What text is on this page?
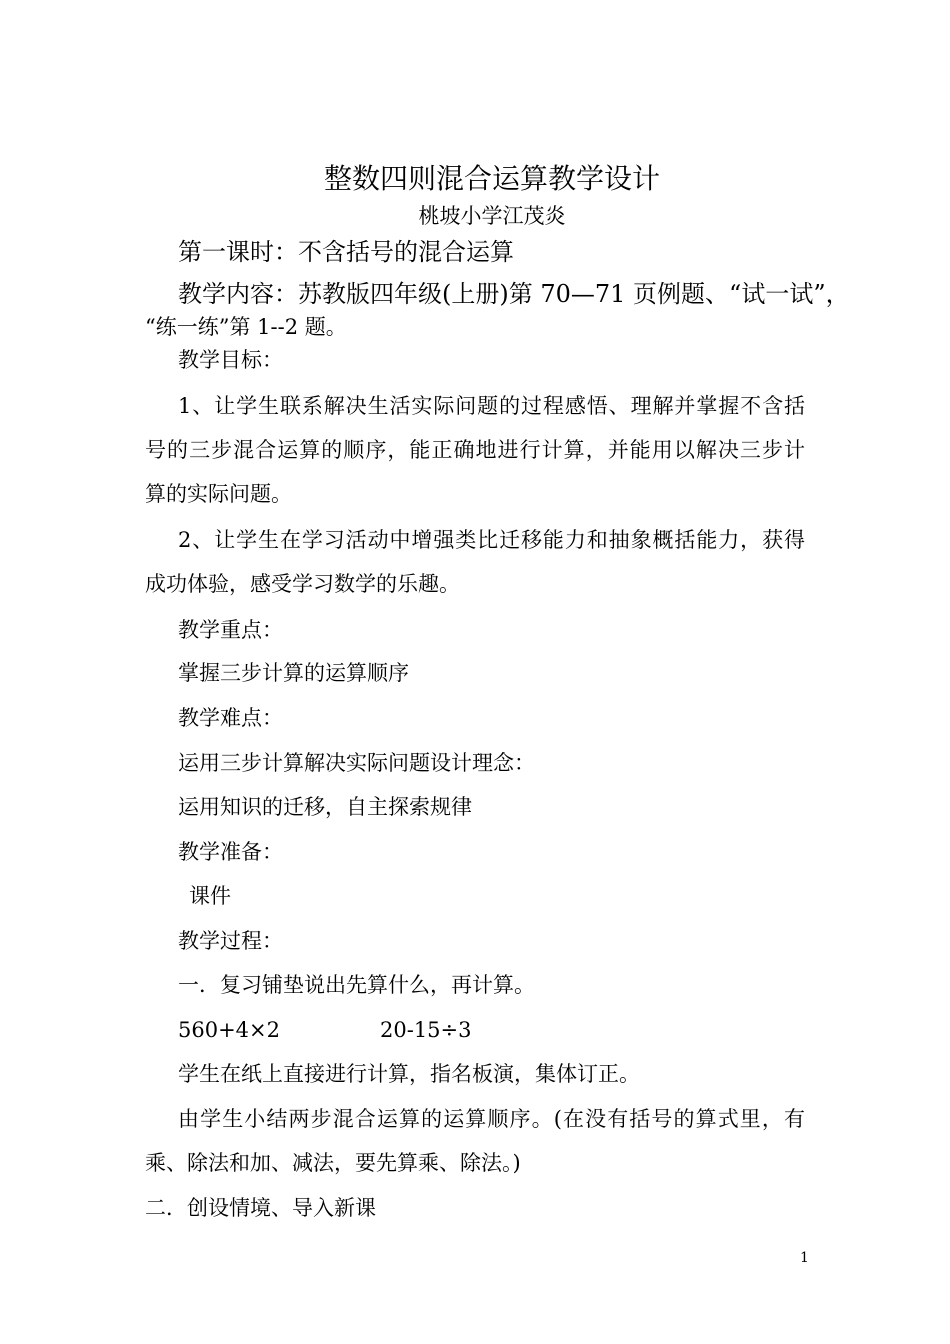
整数四则混合运算教学设计
桃坡小学江茂炎
第一课时：不含括号的混合运算
教学内容：苏教版四年级(上册)第 70—71 页例题、“试一试”，
“练一练”第 1--2 题。
教学目标：
1、让学生联系解决生活实际问题的过程感悟、理解并掌握不含括
号的三步混合运算的顺序，能正确地进行计算，并能用以解决三步计
算的实际问题。
2、让学生在学习活动中增强类比迁移能力和抽象概括能力，获得
成功体验，感受学习数学的乐趣。
教学重点：
掌握三步计算的运算顺序
教学难点：
运用三步计算解决实际问题设计理念：
运用知识的迁移，自主探索规律
教学准备：
课件
教学过程：
一．复习铺垫说出先算什么，再计算。
560+4×2	20-15÷3
学生在纸上直接进行计算，指名板演，集体订正。
由学生小结两步混合运算的运算顺序。(在没有括号的算式里，有
乘、除法和加、减法，要先算乘、除法。)
二．创设情境、导入新课
1
